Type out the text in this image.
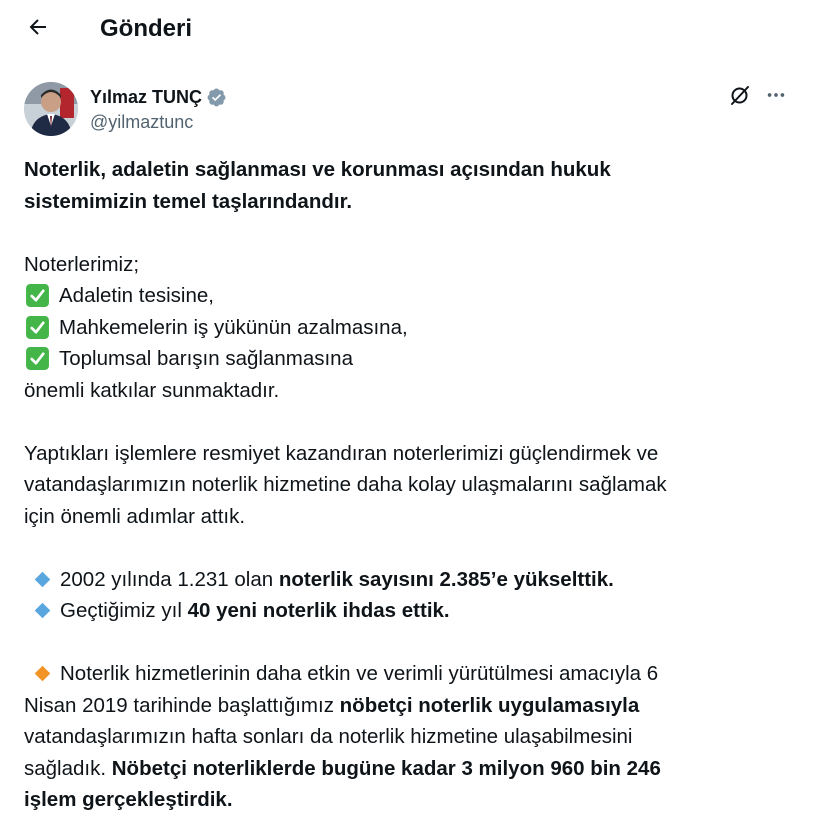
Gönderi
Yılmaz TUNÇ
@yilmaztunc
Noterlik, adaletin sağlanması ve korunması açısından hukuk
sistemimizin temel taşlarındandır.
Noterlerimiz;
Adaletin tesisine,
Mahkemelerin iş yükünün azalmasına,
Toplumsal barışın sağlanmasına
önemli katkılar sunmaktadır.
Yaptıkları işlemlere resmiyet kazandıran noterlerimizi güçlendirmek ve
vatandaşlarımızın noterlik hizmetine daha kolay ulaşmalarını sağlamak
için önemli adımlar attık.
2002 yılında 1.231 olan noterlik sayısını 2.385’e yükselttik.
Geçtiğimiz yıl 40 yeni noterlik ihdas ettik.
Noterlik hizmetlerinin daha etkin ve verimli yürütülmesi amacıyla 6
Nisan 2019 tarihinde başlattığımız nöbetçi noterlik uygulamasıyla
vatandaşlarımızın hafta sonları da noterlik hizmetine ulaşabilmesini
sağladık. Nöbetçi noterliklerde bugüne kadar 3 milyon 960 bin 246
işlem gerçekleştirdik.
